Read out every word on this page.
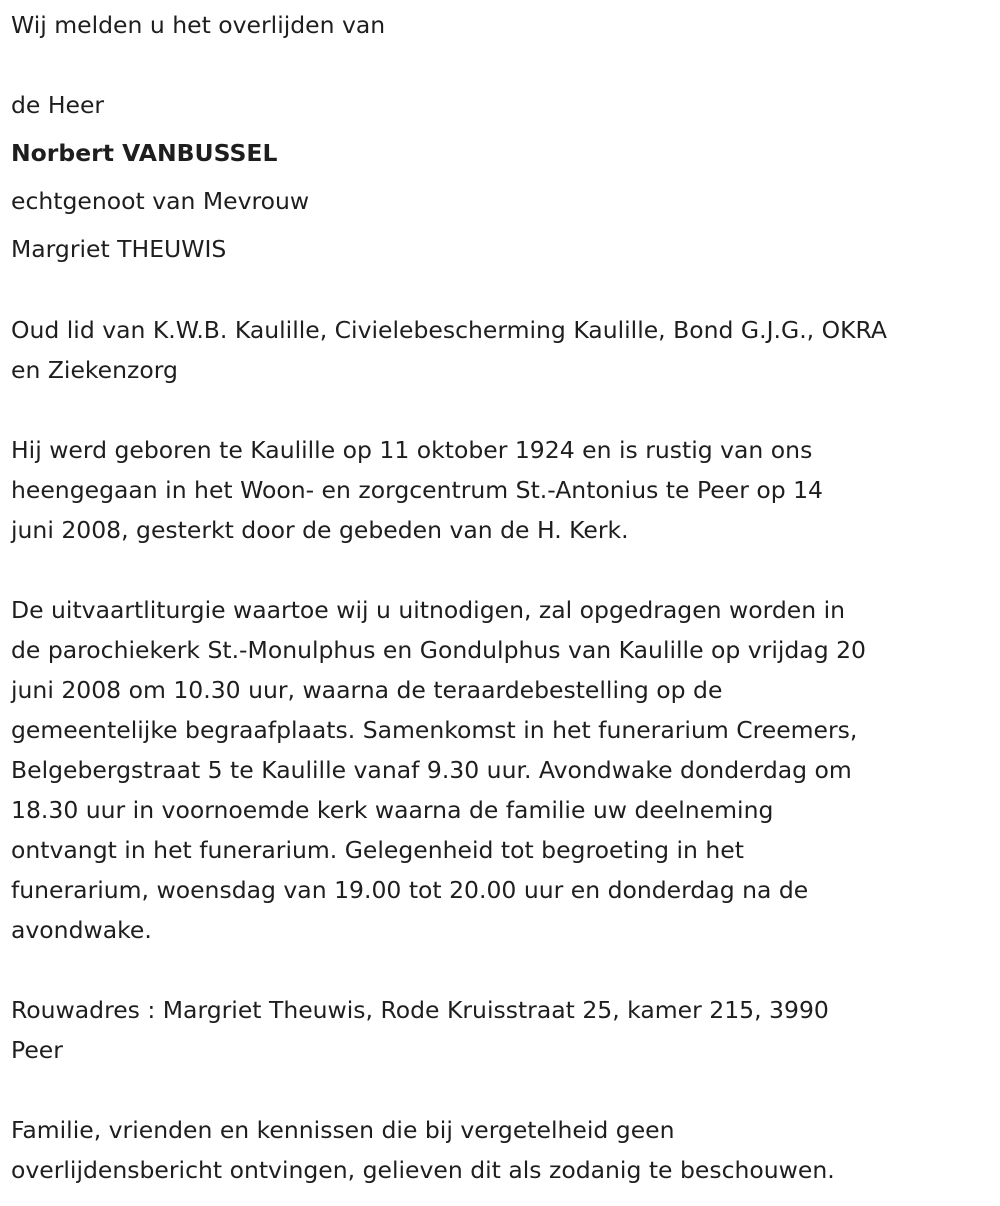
Wij melden u het overlijden van
de Heer
Norbert VANBUSSEL
echtgenoot van Mevrouw
Margriet THEUWIS
Oud lid van K.W.B. Kaulille, Civielebescherming Kaulille, Bond G.J.G., OKRA
en Ziekenzorg
Hij werd geboren te Kaulille op 11 oktober 1924 en is rustig van ons
heengegaan in het Woon- en zorgcentrum St.-Antonius te Peer op 14
juni 2008, gesterkt door de gebeden van de H. Kerk.
De uitvaartliturgie waartoe wij u uitnodigen, zal opgedragen worden in
de parochiekerk St.-Monulphus en Gondulphus van Kaulille op vrijdag 20
juni 2008 om 10.30 uur, waarna de teraardebestelling op de
gemeentelijke begraafplaats. Samenkomst in het funerarium Creemers,
Belgebergstraat 5 te Kaulille vanaf 9.30 uur. Avondwake donderdag om
18.30 uur in voornoemde kerk waarna de familie uw deelneming
ontvangt in het funerarium. Gelegenheid tot begroeting in het
funerarium, woensdag van 19.00 tot 20.00 uur en donderdag na de
avondwake.
Rouwadres : Margriet Theuwis, Rode Kruisstraat 25, kamer 215, 3990
Peer
Familie, vrienden en kennissen die bij vergetelheid geen
overlijdensbericht ontvingen, gelieven dit als zodanig te beschouwen.
